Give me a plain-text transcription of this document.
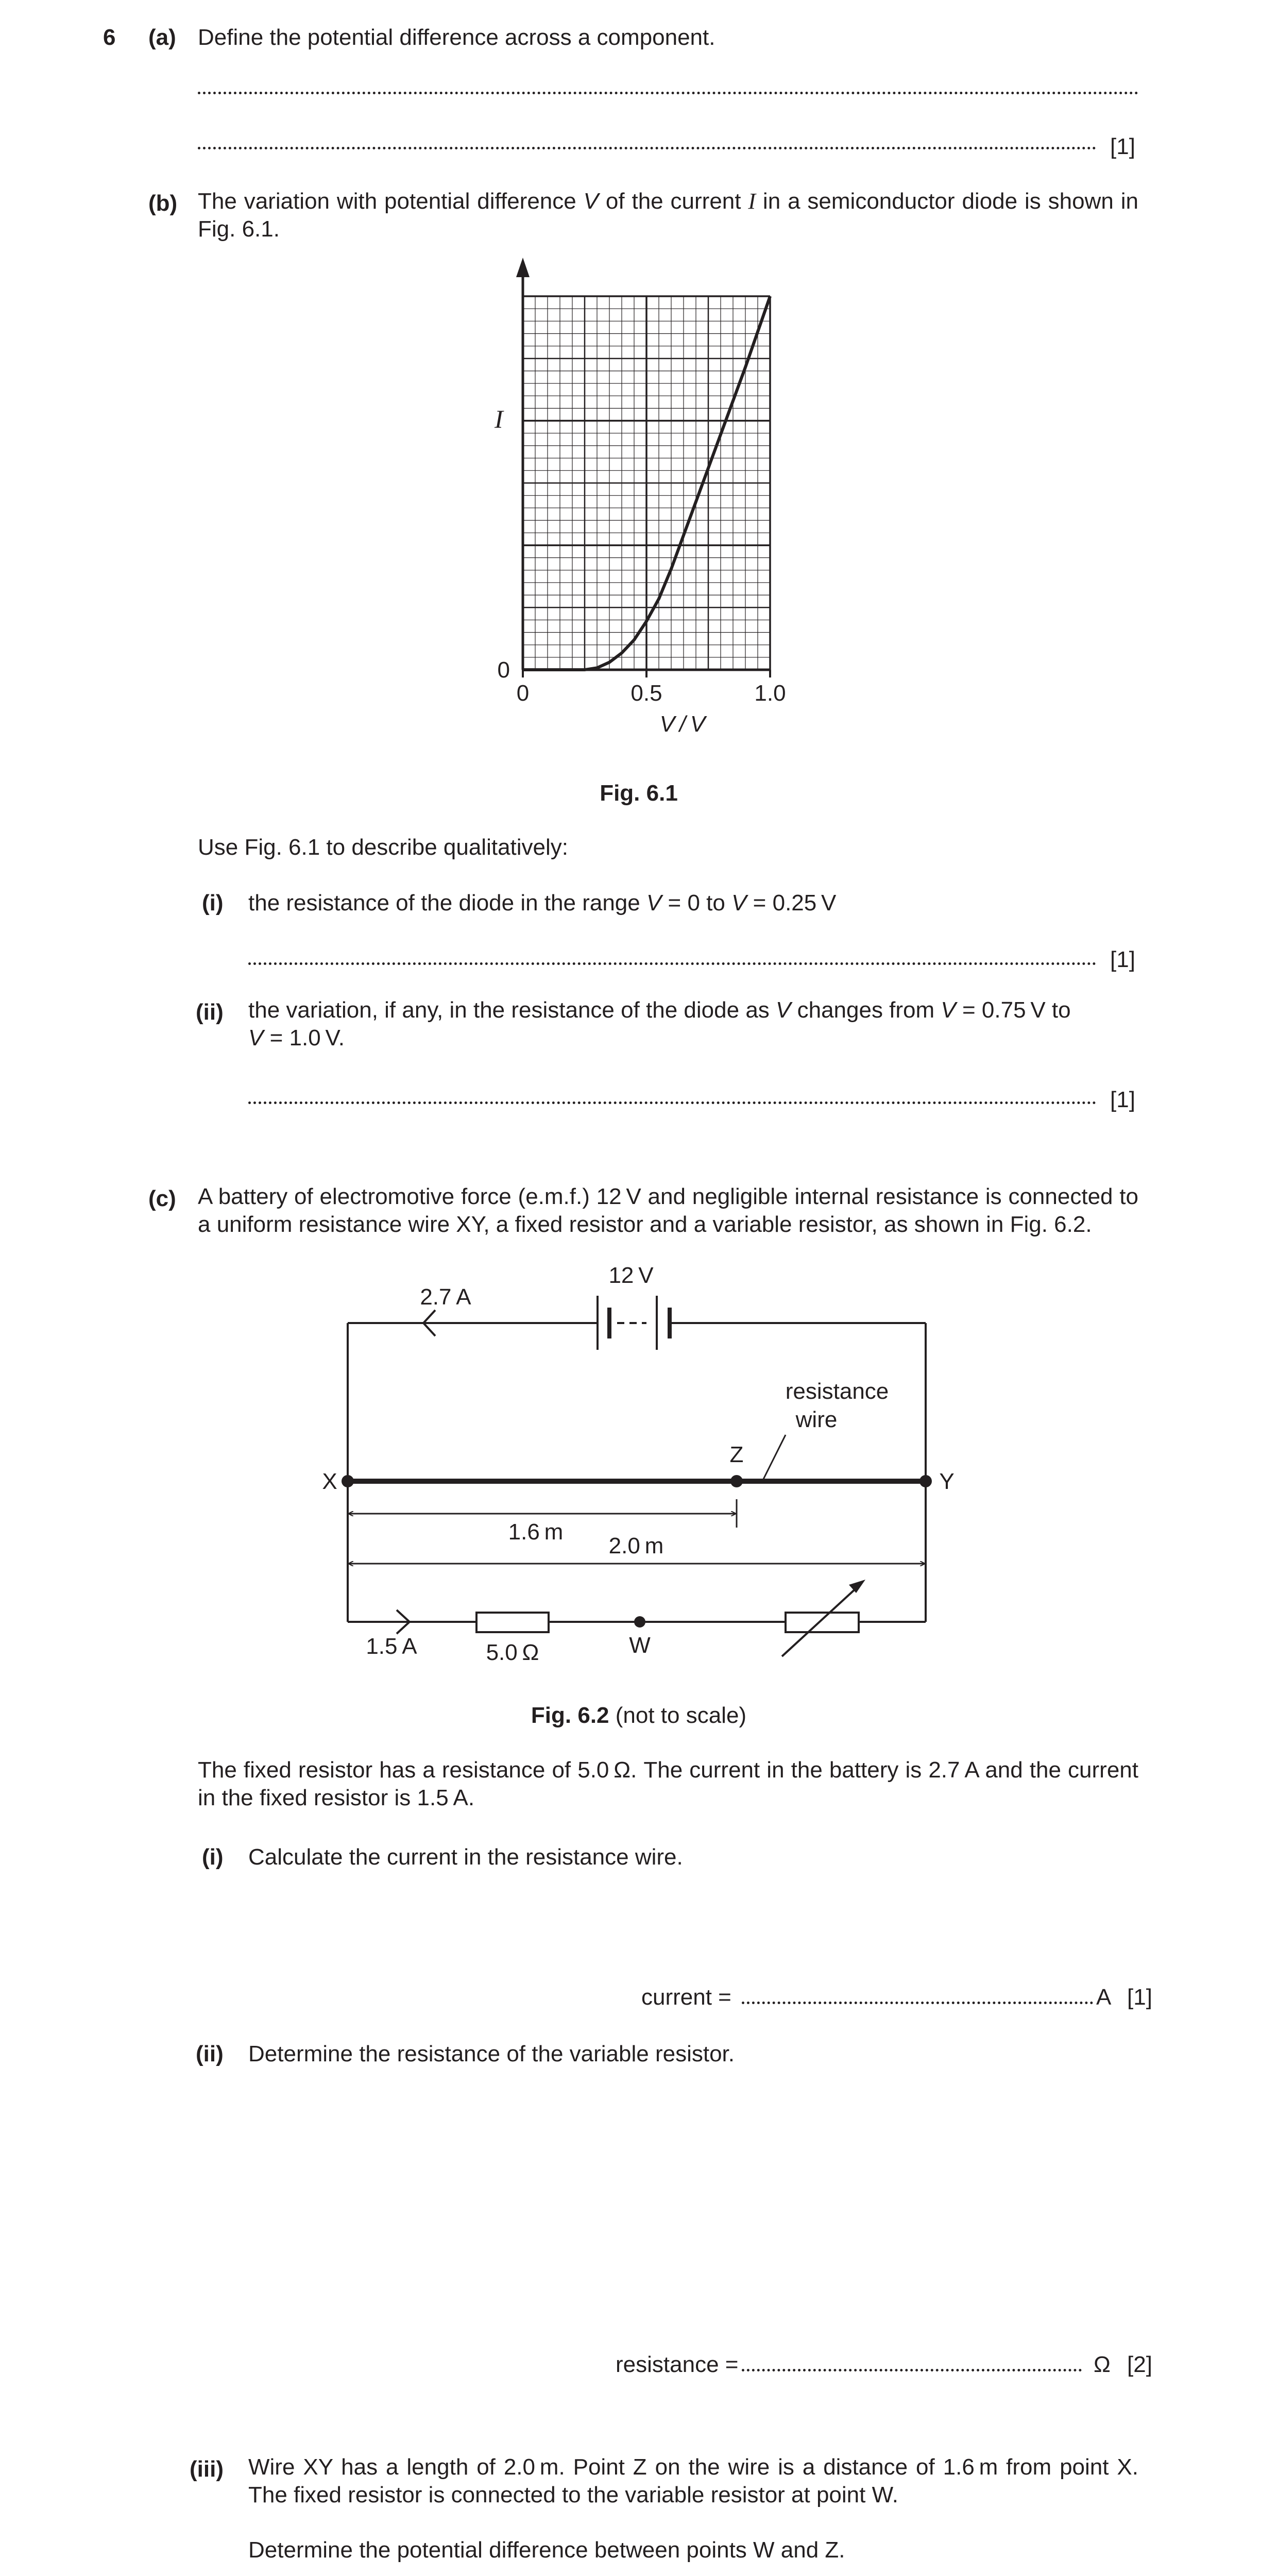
6 (a) Define the potential difference across a component.
[1]
(b) The variation with potential difference V of the current I in a semiconductor diode is shown in Fig. 6.1.
I
0
0	0.5	1.0
V / V
Fig. 6.1
Use Fig. 6.1 to describe qualitatively:
(i) the resistance of the diode in the range V = 0 to V = 0.25 V
[1]
(ii) the variation, if any, in the resistance of the diode as V changes from V = 0.75 V to
V = 1.0 V.
[1]
(c) A battery of electromotive force (e.m.f.) 12 V and negligible internal resistance is connected to a uniform resistance wire XY, a fixed resistor and a variable resistor, as shown in Fig. 6.2.
12 V
2.7 A
X	Y
Z
resistance
wire
1.6 m
2.0 m
1.5 A	5.0 Ω	W
Fig. 6.2 (not to scale)
The fixed resistor has a resistance of 5.0 Ω. The current in the battery is 2.7 A and the current in the fixed resistor is 1.5 A.
(i) Calculate the current in the resistance wire.
current =	A [1]
(ii) Determine the resistance of the variable resistor.
resistance =	Ω [2]
(iii) Wire XY has a length of 2.0 m. Point Z on the wire is a distance of 1.6 m from point X. The fixed resistor is connected to the variable resistor at point W.
Determine the potential difference between points W and Z.
